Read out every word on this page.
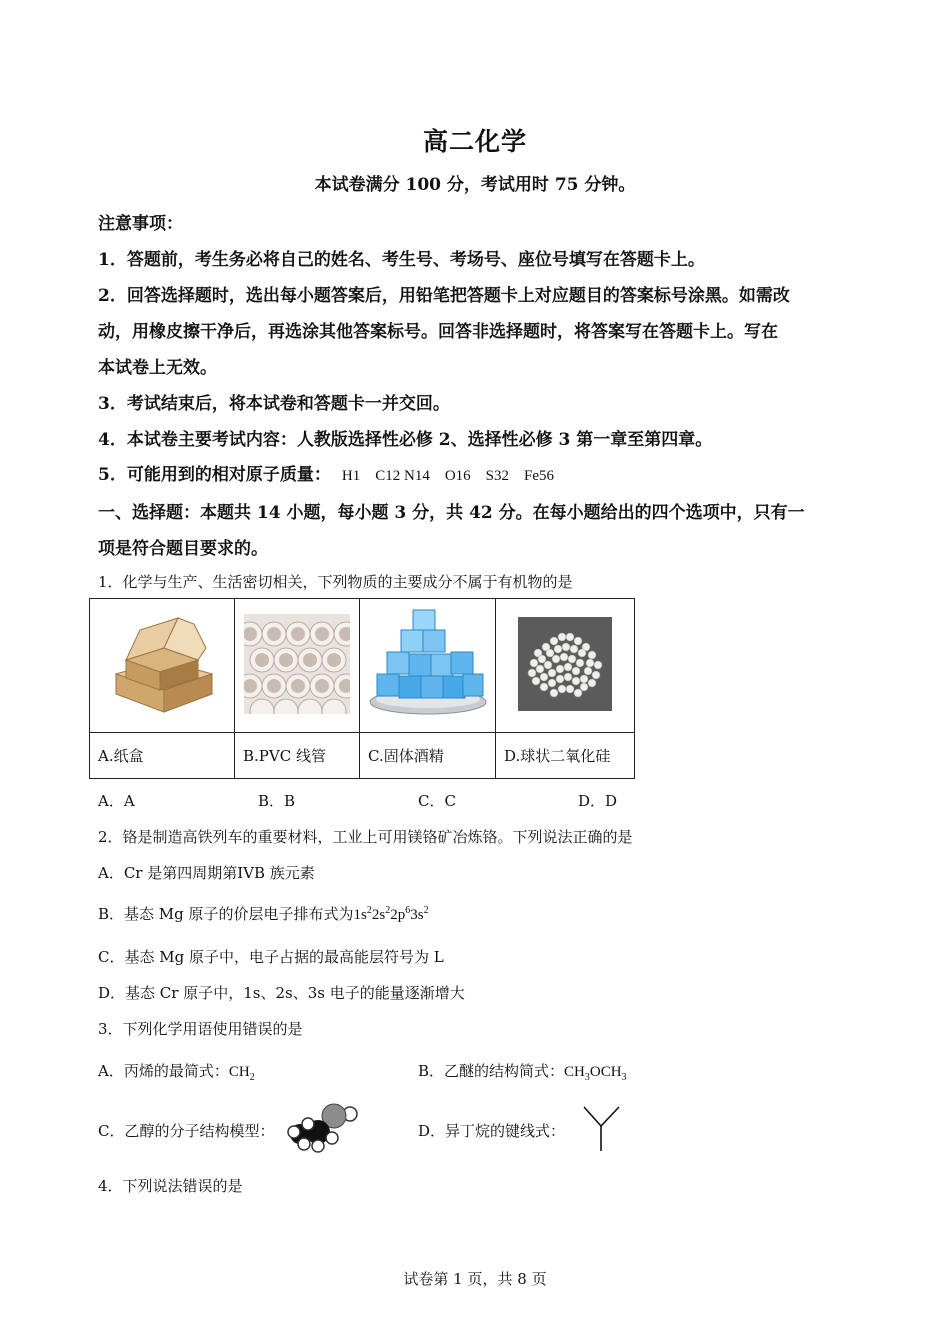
高二化学
本试卷满分 100 分，考试用时 75 分钟。
注意事项：
1．答题前，考生务必将自己的姓名、考生号、考场号、座位号填写在答题卡上。
2．回答选择题时，选出每小题答案后，用铅笔把答题卡上对应题目的答案标号涂黑。如需改
动，用橡皮擦干净后，再选涂其他答案标号。回答非选择题时，将答案写在答题卡上。写在
本试卷上无效。
3．考试结束后，将本试卷和答题卡一并交回。
4．本试卷主要考试内容：人教版选择性必修 2、选择性必修 3 第一章至第四章。
5．可能用到的相对原子质量： H1　C12 N14　O16　S32　Fe56
一、选择题：本题共 14 小题，每小题 3 分，共 42 分。在每小题给出的四个选项中，只有一
项是符合题目要求的。
1．化学与生产、生活密切相关，下列物质的主要成分不属于有机物的是

A.纸盒	B.PVC 线管	C.固体酒精	D.球状二氧化硅
A．A	B．B	C．C	D．D
2．铬是制造高铁列车的重要材料，工业上可用镁铬矿冶炼铬。下列说法正确的是
A．Cr 是第四周期第IVB 族元素
B．基态 Mg 原子的价层电子排布式为$1s^22s^22p^63s^2$
C．基态 Mg 原子中，电子占据的最高能层符号为 L
D．基态 Cr 原子中，1s、2s、3s 电子的能量逐渐增大
3．下列化学用语使用错误的是
A．丙烯的最简式：$CH_2$	B．乙醚的结构简式：$CH_3OCH_3$
C．乙醇的分子结构模型：	D．异丁烷的键线式：
4．下列说法错误的是
试卷第 1 页，共 8 页
